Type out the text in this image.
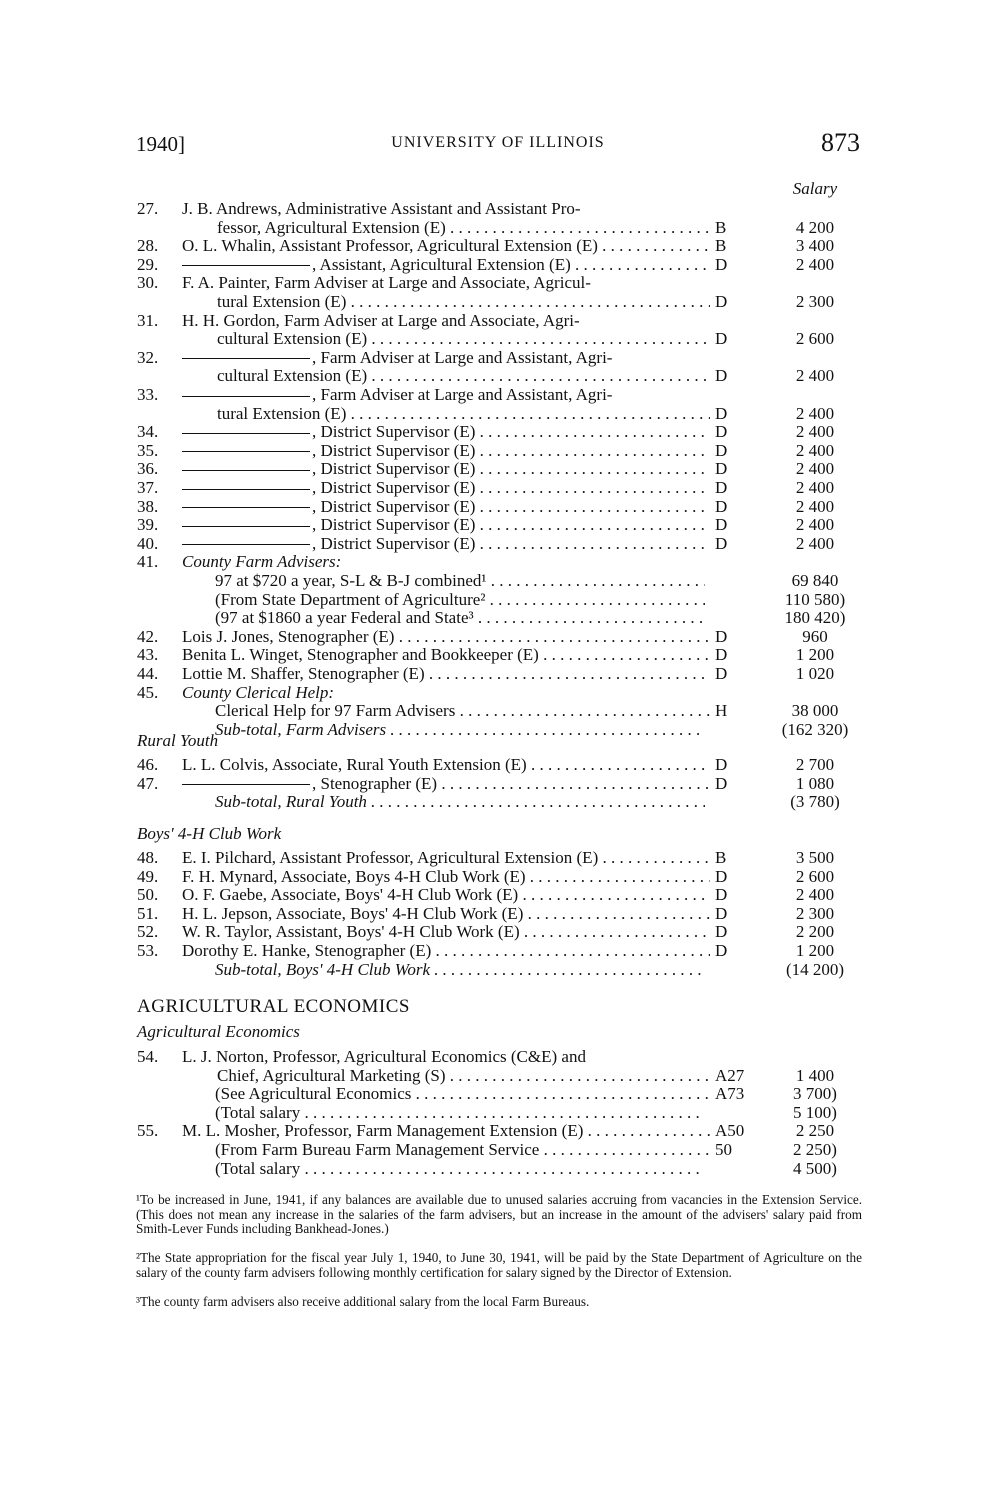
1940]	UNIVERSITY OF ILLINOIS	873
Salary
27.	J. B. Andrews, Administrative Assistant and Assistant Pro-
fessor, Agricultural Extension (E) . . .	B	4 200
28.	O. L. Whalin, Assistant Professor, Agricultural Extension (E) . . .	B	3 400
29.	, Assistant, Agricultural Extension (E) . . .	D	2 400
30.	F. A. Painter, Farm Adviser at Large and Associate, Agricul-
tural Extension (E) . . .	D	2 300
31.	H. H. Gordon, Farm Adviser at Large and Associate, Agri-
cultural Extension (E) . . .	D	2 600
32.	, Farm Adviser at Large and Assistant, Agri-
cultural Extension (E) . . .	D	2 400
33.	, Farm Adviser at Large and Assistant, Agri-
tural Extension (E) . . .	D	2 400
34.	, District Supervisor (E) . . .	D	2 400
35.	, District Supervisor (E) . . .	D	2 400
36.	, District Supervisor (E) . . .	D	2 400
37.	, District Supervisor (E) . . .	D	2 400
38.	, District Supervisor (E) . . .	D	2 400
39.	, District Supervisor (E) . . .	D	2 400
40.	, District Supervisor (E) . . .	D	2 400
41.	County Farm Advisers:
97 at $720 a year, S-L & B-J combined¹ . . .	69 840
(From State Department of Agriculture² . . .	110 580)
(97 at $1860 a year Federal and State³ . . .	180 420)
42.	Lois J. Jones, Stenographer (E) . . .	D	960
43.	Benita L. Winget, Stenographer and Bookkeeper (E) . . .	D	1 200
44.	Lottie M. Shaffer, Stenographer (E) . . .	D	1 020
45.	County Clerical Help:
Clerical Help for 97 Farm Advisers . . .	H	38 000
Sub-total, Farm Advisers . . .	(162 320)
46.	L. L. Colvis, Associate, Rural Youth Extension (E) . . .	D	2 700
47.	, Stenographer (E) . . .	D	1 080
Sub-total, Rural Youth . . .	(3 780)
48.	E. I. Pilchard, Assistant Professor, Agricultural Extension (E) . . .	B	3 500
49.	F. H. Mynard, Associate, Boys 4-H Club Work (E) . . .	D	2 600
50.	O. F. Gaebe, Associate, Boys' 4-H Club Work (E) . . .	D	2 400
51.	H. L. Jepson, Associate, Boys' 4-H Club Work (E) . . .	D	2 300
52.	W. R. Taylor, Assistant, Boys' 4-H Club Work (E) . . .	D	2 200
53.	Dorothy E. Hanke, Stenographer (E) . . .	D	1 200
Sub-total, Boys' 4-H Club Work . . .	(14 200)
54.	L. J. Norton, Professor, Agricultural Economics (C&E) and
Chief, Agricultural Marketing (S) . . .	A27	1 400
(See Agricultural Economics . . .	A73	3 700)
(Total salary . . .	5 100)
55.	M. L. Mosher, Professor, Farm Management Extension (E) . . .	A50	2 250
(From Farm Bureau Farm Management Service . . .	50	2 250)
(Total salary . . .	4 500)
Rural Youth
Boys' 4-H Club Work
AGRICULTURAL ECONOMICS
Agricultural Economics
¹To be increased in June, 1941, if any balances are available due to unused salaries accruing from vacancies in the Extension Service. (This does not mean any increase in the salaries of the farm advisers, but an increase in the amount of the advisers' salary paid from Smith-Lever Funds including Bankhead-Jones.)
²The State appropriation for the fiscal year July 1, 1940, to June 30, 1941, will be paid by the State Department of Agriculture on the salary of the county farm advisers following monthly certification for salary signed by the Director of Extension.
³The county farm advisers also receive additional salary from the local Farm Bureaus.
